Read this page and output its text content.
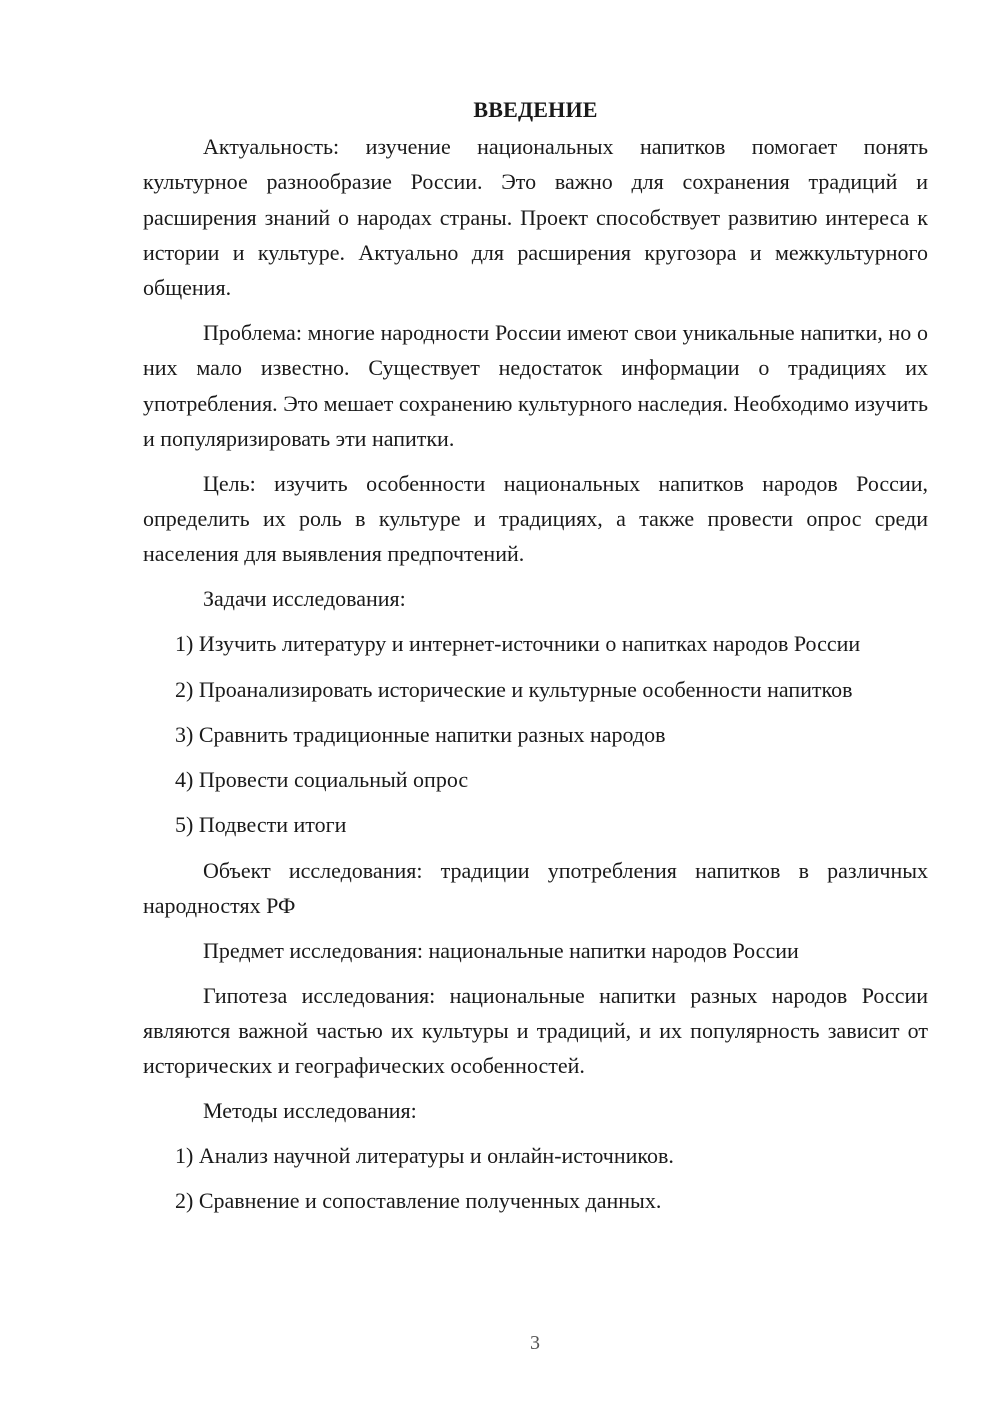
ВВЕДЕНИЕ

Актуальность: изучение национальных напитков помогает понять культурное разнообразие России. Это важно для сохранения традиций и расширения знаний о народах страны. Проект способствует развитию интереса к истории и культуре. Актуально для расширения кругозора и межкультурного общения.

Проблема: многие народности России имеют свои уникальные напитки, но о них мало известно. Существует недостаток информации о традициях их употребления. Это мешает сохранению культурного наследия. Необходимо изучить и популяризировать эти напитки.

Цель: изучить особенности национальных напитков народов России, определить их роль в культуре и традициях, а также провести опрос среди населения для выявления предпочтений.

Задачи исследования:

1) Изучить литературу и интернет-источники о напитках народов России

2) Проанализировать исторические и культурные особенности напитков

3) Сравнить традиционные напитки разных народов

4) Провести социальный опрос

5) Подвести итоги

Объект исследования: традиции употребления напитков в различных народностях РФ

Предмет исследования: национальные напитки народов России

Гипотеза исследования: национальные напитки разных народов России являются важной частью их культуры и традиций, и их популярность зависит от исторических и географических особенностей.

Методы исследования:

1) Анализ научной литературы и онлайн-источников.

2) Сравнение и сопоставление полученных данных.

3
